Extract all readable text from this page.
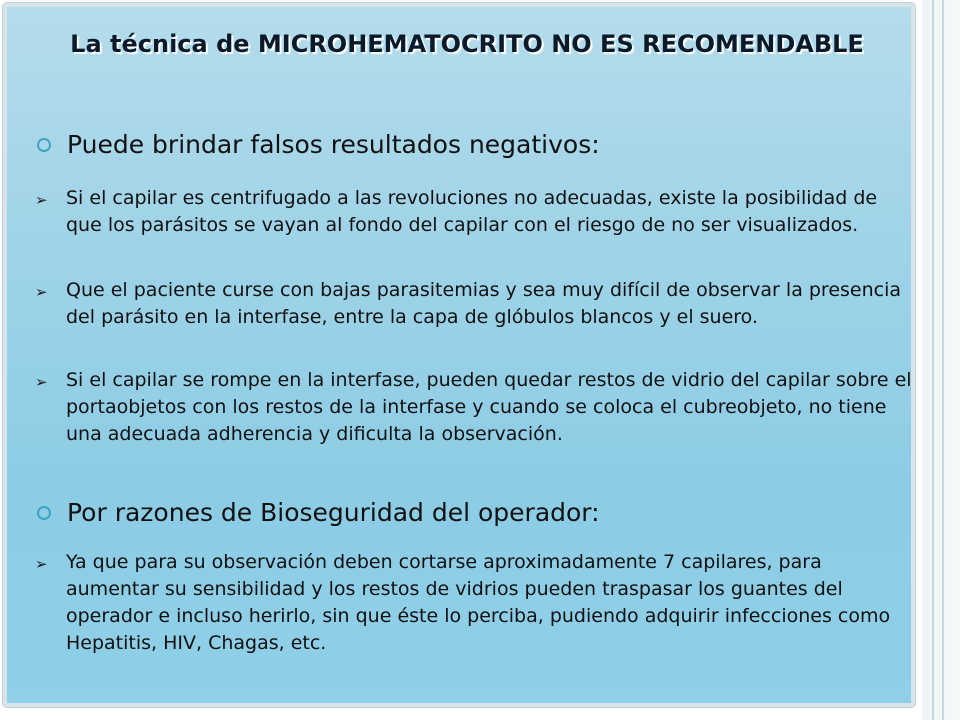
La técnica de MICROHEMATOCRITO NO ES RECOMENDABLE
Puede brindar falsos resultados negativos:
➢ Si el capilar es centrifugado a las revoluciones no adecuadas, existe la posibilidad de que los parásitos se vayan al fondo del capilar con el riesgo de no ser visualizados.
➢ Que el paciente curse con bajas parasitemias y sea muy difícil de observar la presencia del parásito en la interfase, entre la capa de glóbulos blancos y el suero.
➢ Si el capilar se rompe en la interfase, pueden quedar restos de vidrio del capilar sobre el portaobjetos con los restos de la interfase y cuando se coloca el cubreobjeto, no tiene una adecuada adherencia y dificulta la observación.
Por razones de Bioseguridad del operador:
➢ Ya que para su observación deben cortarse aproximadamente 7 capilares, para aumentar su sensibilidad y los restos de vidrios pueden traspasar los guantes del operador e incluso herirlo, sin que éste lo perciba, pudiendo adquirir infecciones como Hepatitis, HIV, Chagas, etc.
